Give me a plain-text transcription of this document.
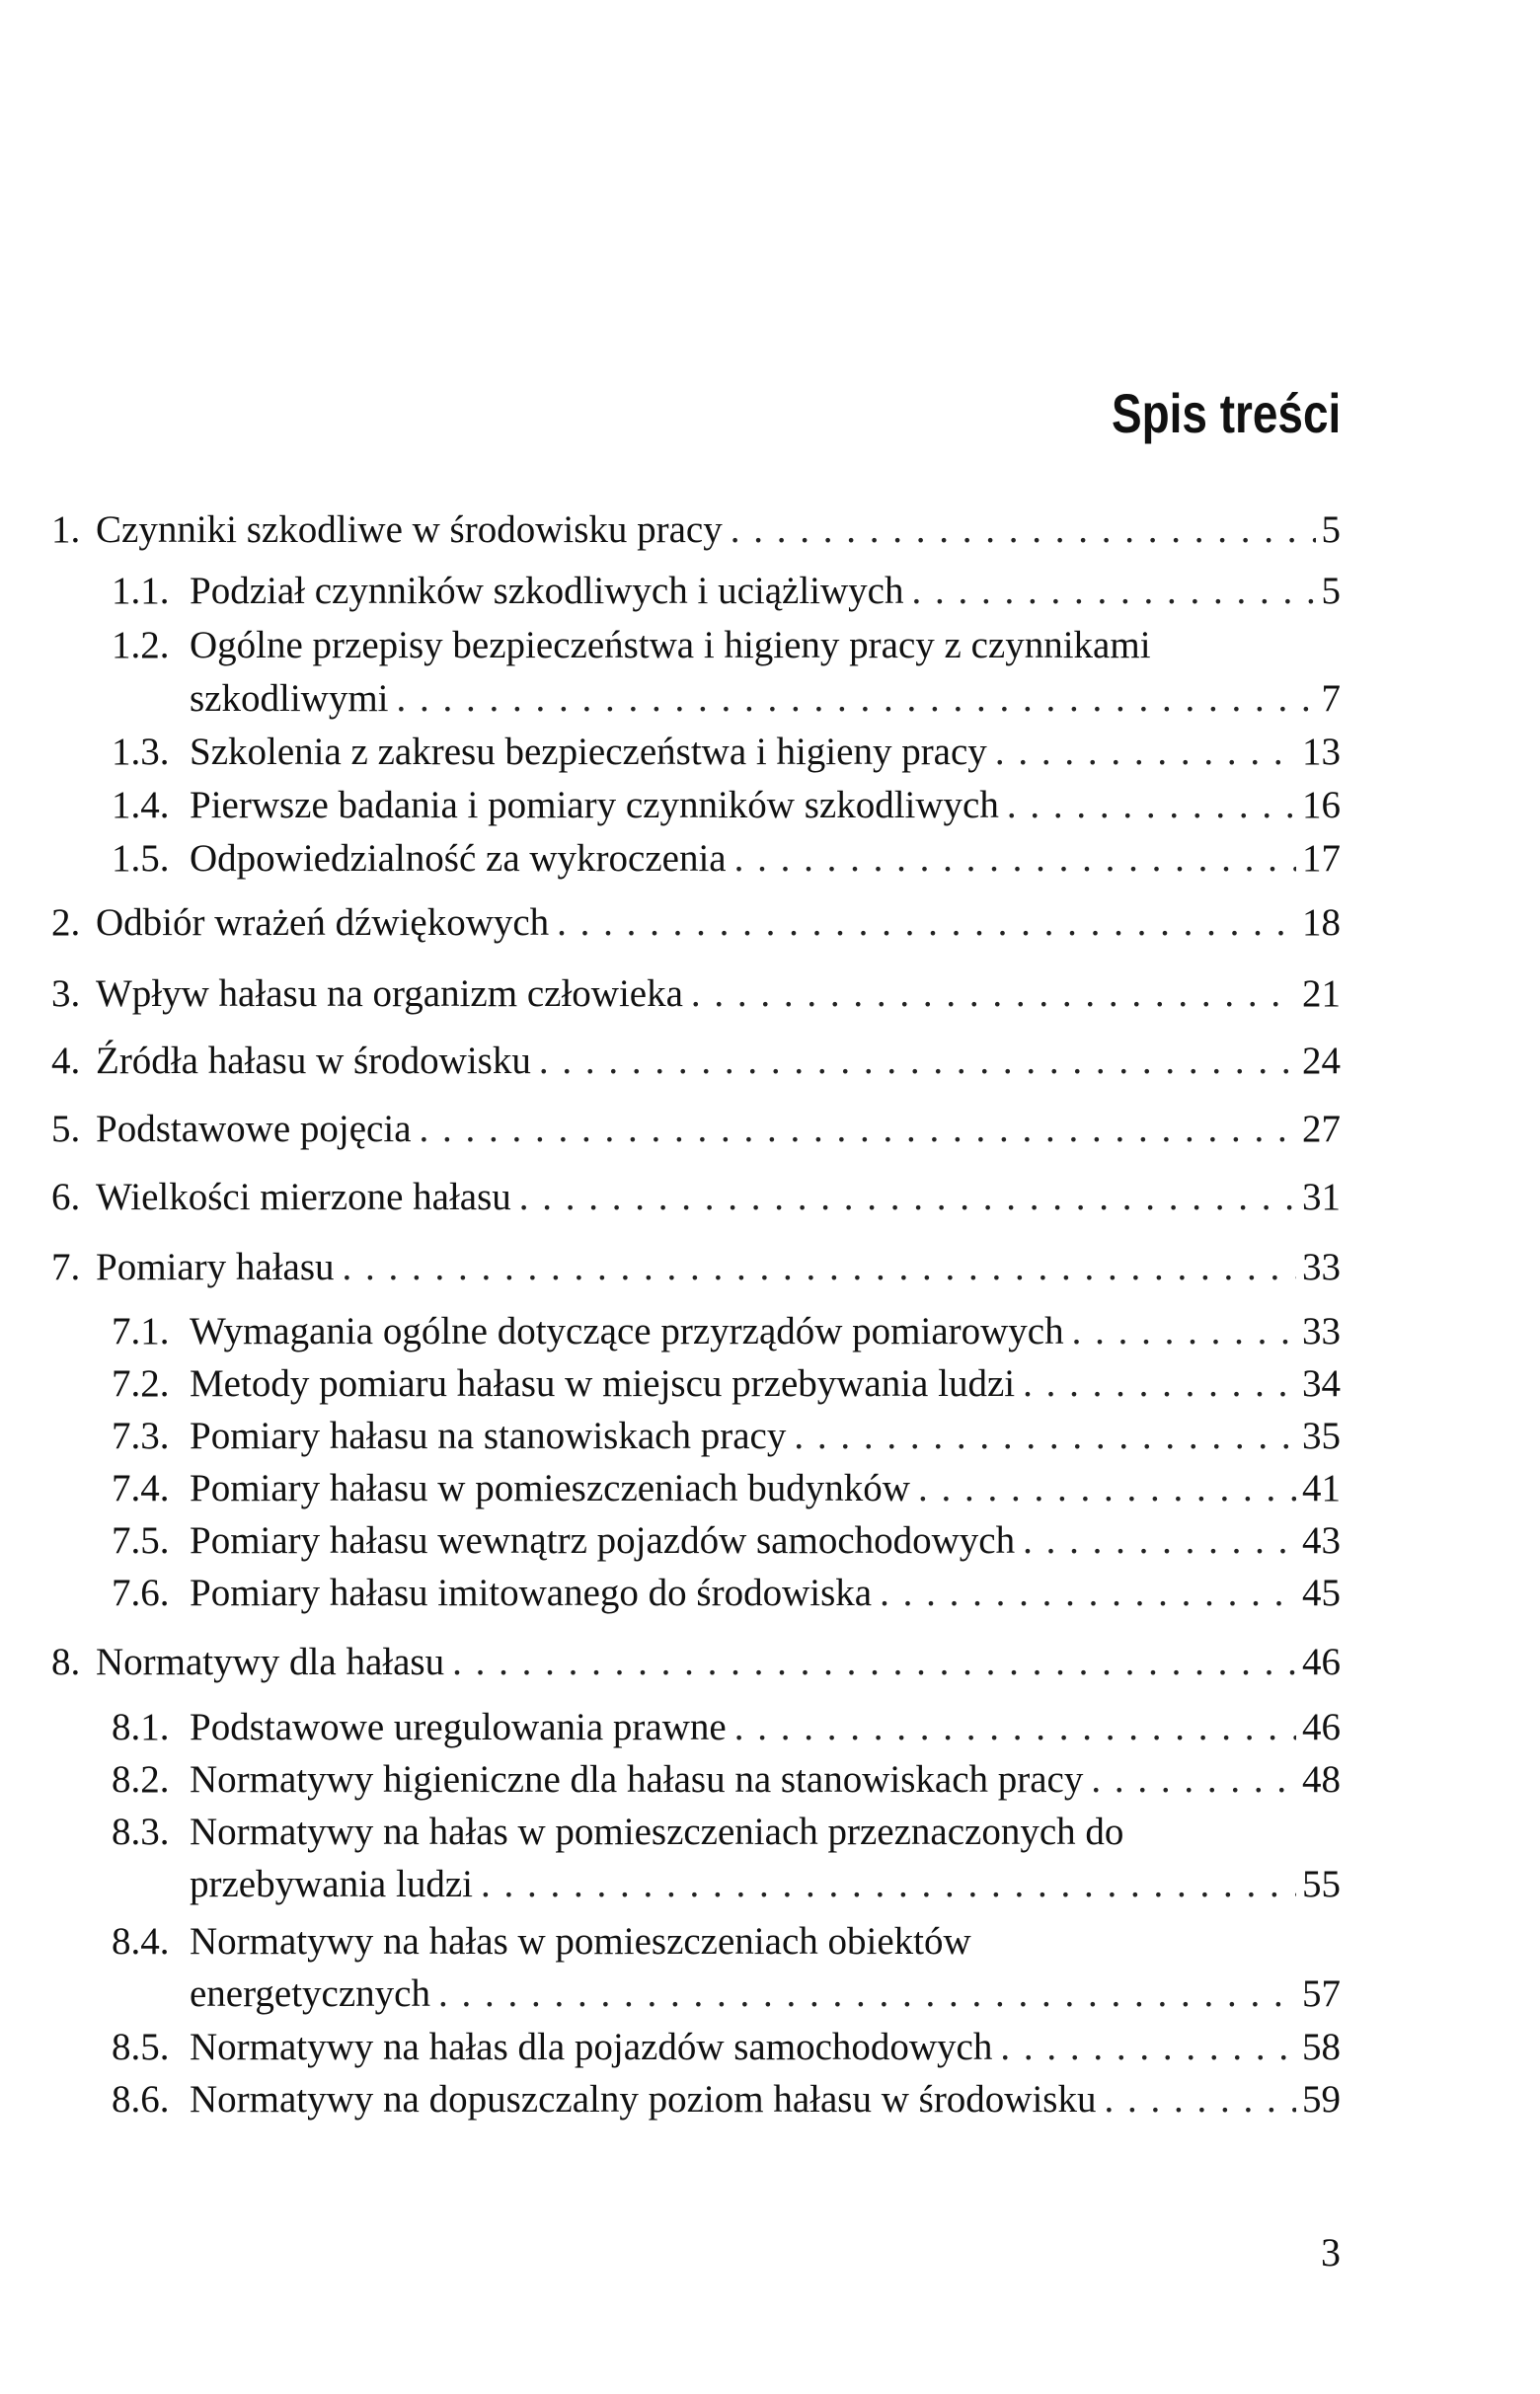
Spis treści
1. Czynniki szkodliwe w środowisku pracy . . .	5
1.1. Podział czynników szkodliwych i uciążliwych . . .	5
1.2. Ogólne przepisy bezpieczeństwa i higieny pracy z czynnikami
szkodliwymi . . .	7
1.3. Szkolenia z zakresu bezpieczeństwa i higieny pracy . . .	13
1.4. Pierwsze badania i pomiary czynników szkodliwych . . .	16
1.5. Odpowiedzialność za wykroczenia . . .	17
2. Odbiór wrażeń dźwiękowych . . .	18
3. Wpływ hałasu na organizm człowieka . . .	21
4. Źródła hałasu w środowisku . . .	24
5. Podstawowe pojęcia . . .	27
6. Wielkości mierzone hałasu . . .	31
7. Pomiary hałasu . . .	33
7.1. Wymagania ogólne dotyczące przyrządów pomiarowych . . .	33
7.2. Metody pomiaru hałasu w miejscu przebywania ludzi . . .	34
7.3. Pomiary hałasu na stanowiskach pracy . . .	35
7.4. Pomiary hałasu w pomieszczeniach budynków . . .	41
7.5. Pomiary hałasu wewnątrz pojazdów samochodowych . . .	43
7.6. Pomiary hałasu imitowanego do środowiska . . .	45
8. Normatywy dla hałasu . . .	46
8.1. Podstawowe uregulowania prawne . . .	46
8.2. Normatywy higieniczne dla hałasu na stanowiskach pracy . . .	48
8.3. Normatywy na hałas w pomieszczeniach przeznaczonych do
przebywania ludzi . . .	55
8.4. Normatywy na hałas w pomieszczeniach obiektów
energetycznych . . .	57
8.5. Normatywy na hałas dla pojazdów samochodowych . . .	58
8.6. Normatywy na dopuszczalny poziom hałasu w środowisku . . .	59
3
